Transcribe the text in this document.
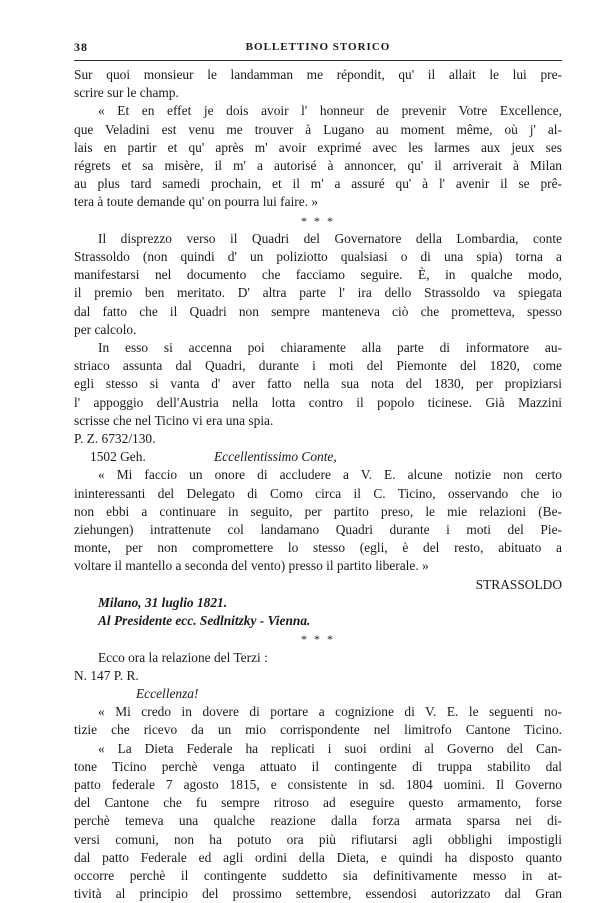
38	BOLLETTINO STORICO
Sur quoi monsieur le landamman me répondit, qu' il allait le lui pre-
scrire sur le champ.
« Et en effet je dois avoir l' honneur de prevenir Votre Excellence,
que Veladini est venu me trouver à Lugano au moment même, où j' al-
lais en partir et qu' après m' avoir exprimé avec les larmes aux jeux ses
régrets et sa misère, il m' a autorisé à annoncer, qu' il arriverait à Milan
au plus tard samedi prochain, et il m' a assuré qu' à l' avenir il se prê-
tera à toute demande qu' on pourra lui faire. »
* * *
Il disprezzo verso il Quadri del Governatore della Lombardia, conte
Strassoldo (non quindi d' un poliziotto qualsiasi o di una spia) torna a
manifestarsi nel documento che facciamo seguire. È, in qualche modo,
il premio ben meritato. D' altra parte l' ira dello Strassoldo va spiegata
dal fatto che il Quadri non sempre manteneva ciò che prometteva, spesso
per calcolo.
In esso si accenna poi chiaramente alla parte di informatore au-
striaco assunta dal Quadri, durante i moti del Piemonte del 1820, come
egli stesso si vanta d' aver fatto nella sua nota del 1830, per propiziarsi
l' appoggio dell'Austria nella lotta contro il popolo ticinese. Già Mazzini
scrisse che nel Ticino vi era una spia.
P. Z. 6732/130.
1502 Geh.	Eccellentissimo Conte,
« Mi faccio un onore di accludere a V. E. alcune notizie non certo
ininteressanti del Delegato di Como circa il C. Ticino, osservando che io
non ebbi a continuare in seguito, per partito preso, le mie relazioni (Be-
ziehungen) intrattenute col landamano Quadri durante i moti del Pie-
monte, per non compromettere lo stesso (egli, è del resto, abituato a
voltare il mantello a seconda del vento) presso il partito liberale. »
STRASSOLDO
Milano, 31 luglio 1821.
Al Presidente ecc. Sedlnitzky - Vienna.
* * *
Ecco ora la relazione del Terzi :
N. 147 P. R.
Eccellenza!
« Mi credo in dovere di portare a cognizione di V. E. le seguenti no-
tizie che ricevo da un mio corrispondente nel limitrofo Cantone Ticino.
« La Dieta Federale ha replicati i suoi ordini al Governo del Can-
tone Ticino perchè venga attuato il contingente di truppa stabilito dal
patto federale 7 agosto 1815, e consistente in sd. 1804 uomini. Il Governo
del Cantone che fu sempre ritroso ad eseguire questo armamento, forse
perchè temeva una qualche reazione dalla forza armata sparsa nei di-
versi comuni, non ha potuto ora più rifiutarsi agli obblighi impostigli
dal patto Federale ed agli ordini della Dieta, e quindi ha disposto quanto
occorre perchè il contingente suddetto sia definitivamente messo in at-
tività al principio del prossimo settembre, essendosi autorizzato dal Gran
